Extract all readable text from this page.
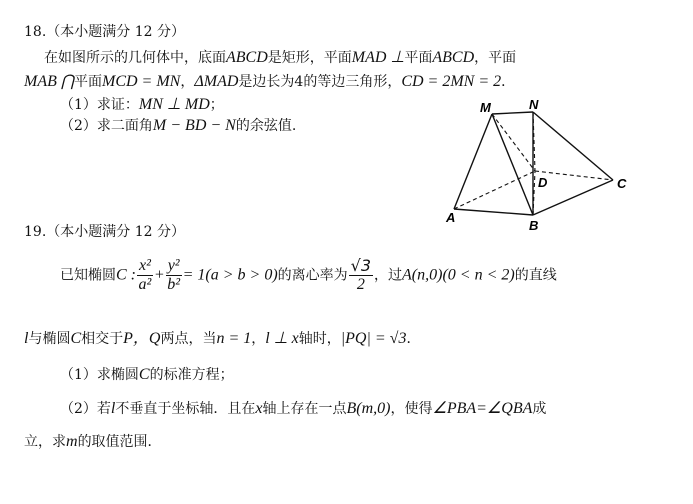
18.（本小题满分 12 分）
在如图所示的几何体中，底面ABCD是矩形，平面MAD ⊥平面ABCD，平面
MAB ⋂平面MCD = MN，ΔMAD是边长为4的等边三角形，CD = 2MN = 2．
（1）求证：MN ⊥ MD；
（2）求二面角M − BD − N的余弦值.
M	N
D	C
A
B
19.（本小题满分 12 分）
已知椭圆C : $\frac{\text{x²}}{\text{a²}} + \frac{\text{y²}}{\text{b²}} = 1(a > b > 0)$的离心率为 $\frac{√3}{2}$ ，过A(n,0)(0 < n < 2)的直线
l与椭圆C相交于P，Q两点，当n = 1，l ⊥ x轴时，|PQ| = √3．
（1）求椭圆C的标准方程；
（2）若l不垂直于坐标轴．且在x轴上存在一点B(m,0)，使得∠PBA=∠QBA成
立，求m的取值范围．
